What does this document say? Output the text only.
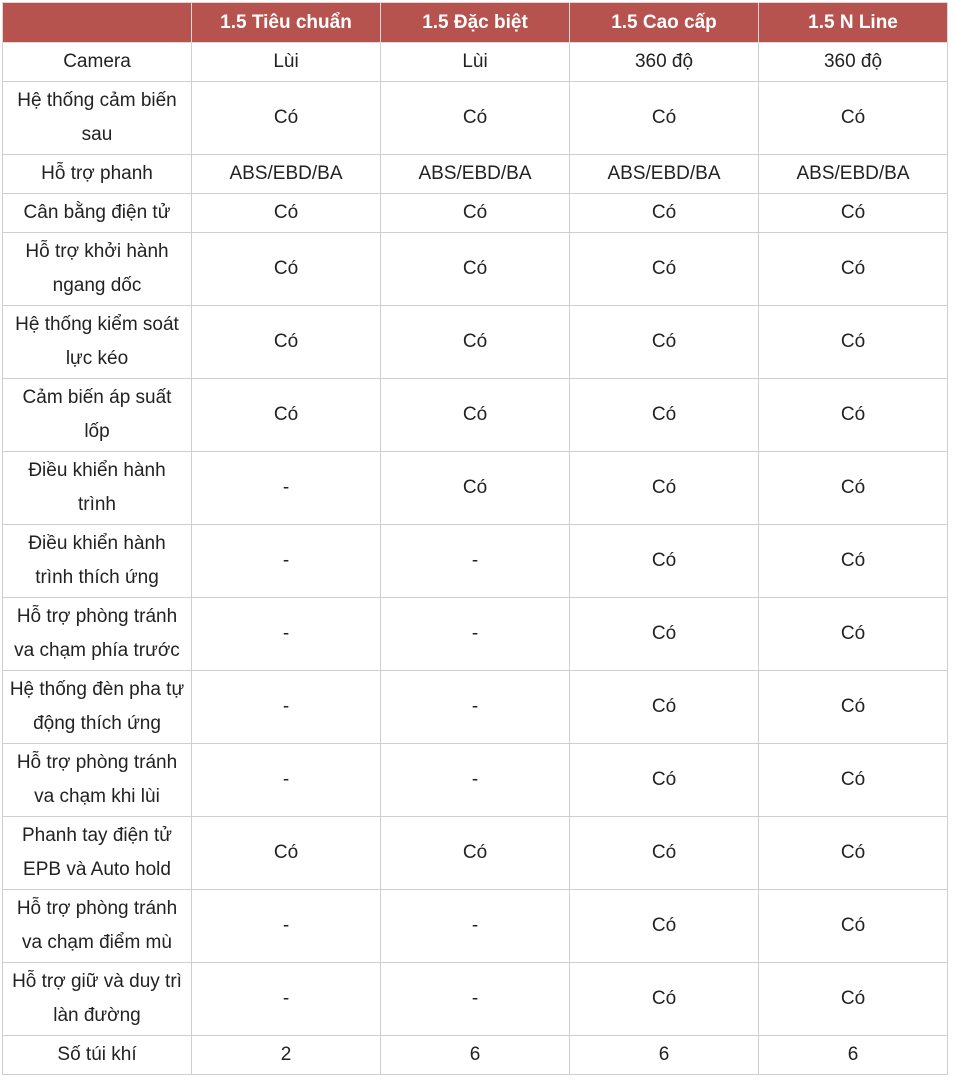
	1.5 Tiêu chuẩn	1.5 Đặc biệt	1.5 Cao cấp	1.5 N Line
Camera	Lùi	Lùi	360 độ	360 độ
Hệ thống cảm biến sau	Có	Có	Có	Có
Hỗ trợ phanh	ABS/EBD/BA	ABS/EBD/BA	ABS/EBD/BA	ABS/EBD/BA
Cân bằng điện tử	Có	Có	Có	Có
Hỗ trợ khởi hành ngang dốc	Có	Có	Có	Có
Hệ thống kiểm soát lực kéo	Có	Có	Có	Có
Cảm biến áp suất lốp	Có	Có	Có	Có
Điều khiển hành trình	-	Có	Có	Có
Điều khiển hành trình thích ứng	-	-	Có	Có
Hỗ trợ phòng tránh va chạm phía trước	-	-	Có	Có
Hệ thống đèn pha tự động thích ứng	-	-	Có	Có
Hỗ trợ phòng tránh va chạm khi lùi	-	-	Có	Có
Phanh tay điện tử EPB và Auto hold	Có	Có	Có	Có
Hỗ trợ phòng tránh va chạm điểm mù	-	-	Có	Có
Hỗ trợ giữ và duy trì làn đường	-	-	Có	Có
Số túi khí	2	6	6	6
